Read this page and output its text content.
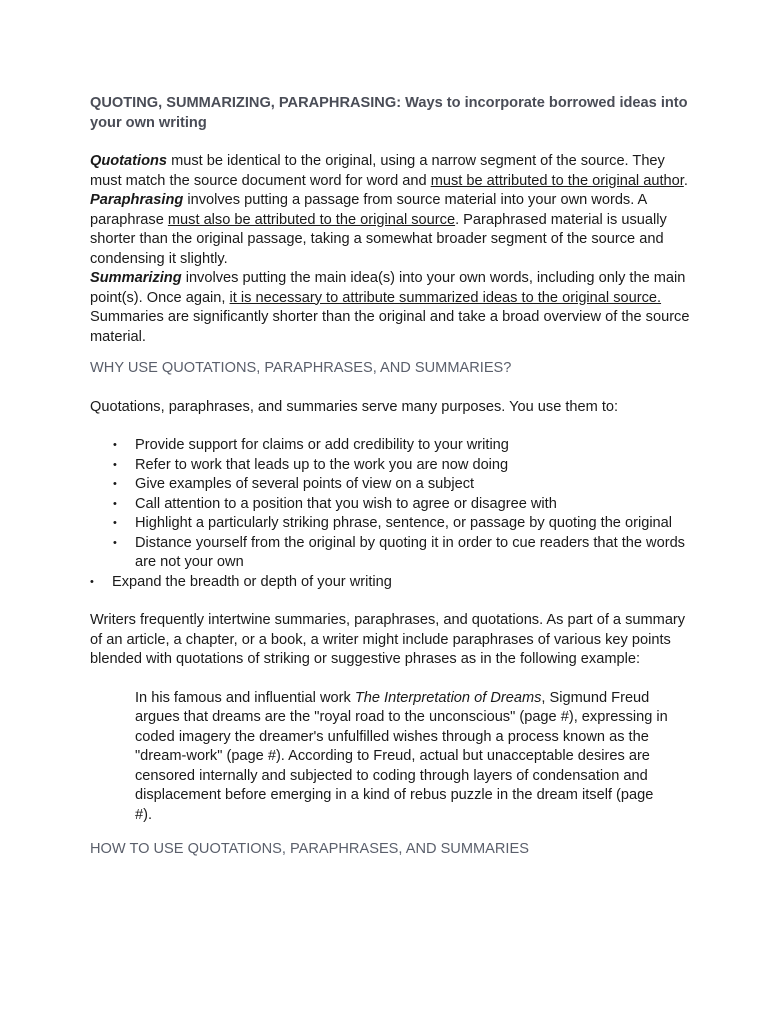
QUOTING, SUMMARIZING, PARAPHRASING: Ways to incorporate borrowed ideas into your own writing

Quotations must be identical to the original, using a narrow segment of the source. They must match the source document word for word and must be attributed to the original author.

Paraphrasing involves putting a passage from source material into your own words. A paraphrase must also be attributed to the original source. Paraphrased material is usually shorter than the original passage, taking a somewhat broader segment of the source and condensing it slightly.

Summarizing involves putting the main idea(s) into your own words, including only the main point(s). Once again, it is necessary to attribute summarized ideas to the original source. Summaries are significantly shorter than the original and take a broad overview of the source material.

WHY USE QUOTATIONS, PARAPHRASES, AND SUMMARIES?

Quotations, paraphrases, and summaries serve many purposes. You use them to:

• Provide support for claims or add credibility to your writing
• Refer to work that leads up to the work you are now doing
• Give examples of several points of view on a subject
• Call attention to a position that you wish to agree or disagree with
• Highlight a particularly striking phrase, sentence, or passage by quoting the original
• Distance yourself from the original by quoting it in order to cue readers that the words are not your own
• Expand the breadth or depth of your writing

Writers frequently intertwine summaries, paraphrases, and quotations. As part of a summary of an article, a chapter, or a book, a writer might include paraphrases of various key points blended with quotations of striking or suggestive phrases as in the following example:

In his famous and influential work The Interpretation of Dreams, Sigmund Freud argues that dreams are the "royal road to the unconscious" (page #), expressing in coded imagery the dreamer's unfulfilled wishes through a process known as the "dream-work" (page #). According to Freud, actual but unacceptable desires are censored internally and subjected to coding through layers of condensation and displacement before emerging in a kind of rebus puzzle in the dream itself (page #).

HOW TO USE QUOTATIONS, PARAPHRASES, AND SUMMARIES
